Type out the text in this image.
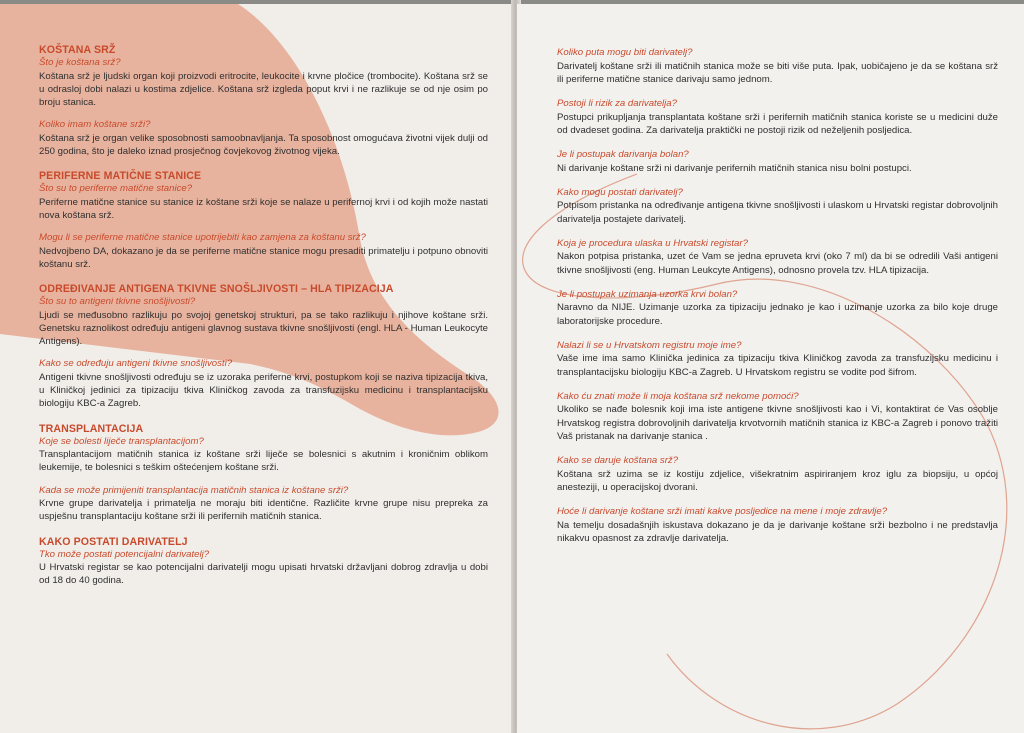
KOŠTANA SRŽ
Što je koštana srž?
Koštana srž je ljudski organ koji proizvodi eritrocite, leukocite i krvne pločice (trombocite). Koštana srž se u odrasloj dobi nalazi u kostima zdjelice. Koštana srž izgleda poput krvi i ne razlikuje se od nje osim po broju stanica.
Koliko imam koštane srži?
Koštana srž je organ velike sposobnosti samoobnavljanja. Ta sposobnost omogućava životni vijek dulji od 250 godina, što je daleko iznad prosječnog čovjekovog životnog vijeka.
PERIFERNE MATIČNE STANICE
Što su to periferne matične stanice?
Periferne matične stanice su stanice iz koštane srži koje se nalaze u perifernoj krvi i od kojih može nastati nova koštana srž.
Mogu li se periferne matične stanice upotrijebiti kao zamjena za koštanu srž?
Nedvojbeno DA, dokazano je da se periferne matične stanice mogu presaditi primatelju i potpuno obnoviti koštanu srž.
ODREĐIVANJE ANTIGENA TKIVNE SNOŠLJIVOSTI – HLA TIPIZACIJA
Što su to antigeni tkivne snošljivosti?
Ljudi se međusobno razlikuju po svojoj genetskoj strukturi, pa se tako razlikuju i njihove koštane srži. Genetsku raznolikost određuju antigeni glavnog sustava tkivne snošljivosti (engl. HLA - Human Leukocyte Antigens).
Kako se određuju antigeni tkivne snošljivosti?
Antigeni tkivne snošljivosti određuju se iz uzoraka periferne krvi, postupkom koji se naziva tipizacija tkiva, u Kliničkoj jedinici za tipizaciju tkiva Kliničkog zavoda za transfuzijsku medicinu i transplantacijsku biologiju KBC-a Zagreb.
TRANSPLANTACIJA
Koje se bolesti liječe transplantacijom?
Transplantacijom matičnih stanica iz koštane srži liječe se bolesnici s akutnim i kroničnim oblikom leukemije, te bolesnici s teškim oštećenjem koštane srži.
Kada se može primijeniti transplantacija matičnih stanica iz koštane srži?
Krvne grupe darivatelja i primatelja ne moraju biti identične. Različite krvne grupe nisu prepreka za uspješnu transplantaciju koštane srži ili perifernih matičnih stanica.
KAKO POSTATI DARIVATELJ
Tko može postati potencijalni darivatelj?
U Hrvatski registar se kao potencijalni darivatelji mogu upisati hrvatski državljani dobrog zdravlja u dobi od 18 do 40 godina.
Koliko puta mogu biti darivatelj?
Darivatelj koštane srži ili matičnih stanica može se biti više puta. Ipak, uobičajeno je da se koštana srž ili periferne matične stanice darivaju samo jednom.
Postoji li rizik za darivatelja?
Postupci prikupljanja transplantata koštane srži i perifernih matičnih stanica koriste se u medicini duže od dvadeset godina. Za darivatelja praktički ne postoji rizik od neželjenih posljedica.
Je li postupak darivanja bolan?
Ni darivanje koštane srži ni darivanje perifernih matičnih stanica nisu bolni postupci.
Kako mogu postati darivatelj?
Potpisom pristanka na određivanje antigena tkivne snošljivosti i ulaskom u Hrvatski registar dobrovoljnih darivatelja postajete darivatelj.
Koja je procedura ulaska u Hrvatski registar?
Nakon potpisa pristanka, uzet će Vam se jedna epruveta krvi (oko 7 ml) da bi se odredili Vaši antigeni tkivne snošljivosti (eng. Human Leukcyte Antigens), odnosno provela tzv. HLA tipizacija.
Je li postupak uzimanja uzorka krvi bolan?
Naravno da NIJE. Uzimanje uzorka za tipizaciju jednako je kao i uzimanje uzorka za bilo koje druge laboratorijske procedure.
Nalazi li se u Hrvatskom registru moje ime?
Vaše ime ima samo Klinička jedinica za tipizaciju tkiva Kliničkog zavoda za transfuzijsku medicinu i transplantacijsku biologiju KBC-a Zagreb. U Hrvatskom registru se vodite pod šifrom.
Kako ću znati može li moja koštana srž nekome pomoći?
Ukoliko se nađe bolesnik koji ima iste antigene tkivne snošljivosti kao i Vi, kontaktirat će Vas osoblje Hrvatskog registra dobrovoljnih darivatelja krvotvornih matičnih stanica iz KBC-a Zagreb i ponovo tražiti Vaš pristanak na darivanje stanica .
Kako se daruje koštana srž?
Koštana srž uzima se iz kostiju zdjelice, višekratnim aspiriranjem kroz iglu za biopsiju, u općoj anesteziji, u operacijskoj dvorani.
Hoće li darivanje koštane srži imati kakve posljedice na mene i moje zdravlje?
Na temelju dosadašnjih iskustava dokazano je da je darivanje koštane srži bezbolno i ne predstavlja nikakvu opasnost za zdravlje darivatelja.
